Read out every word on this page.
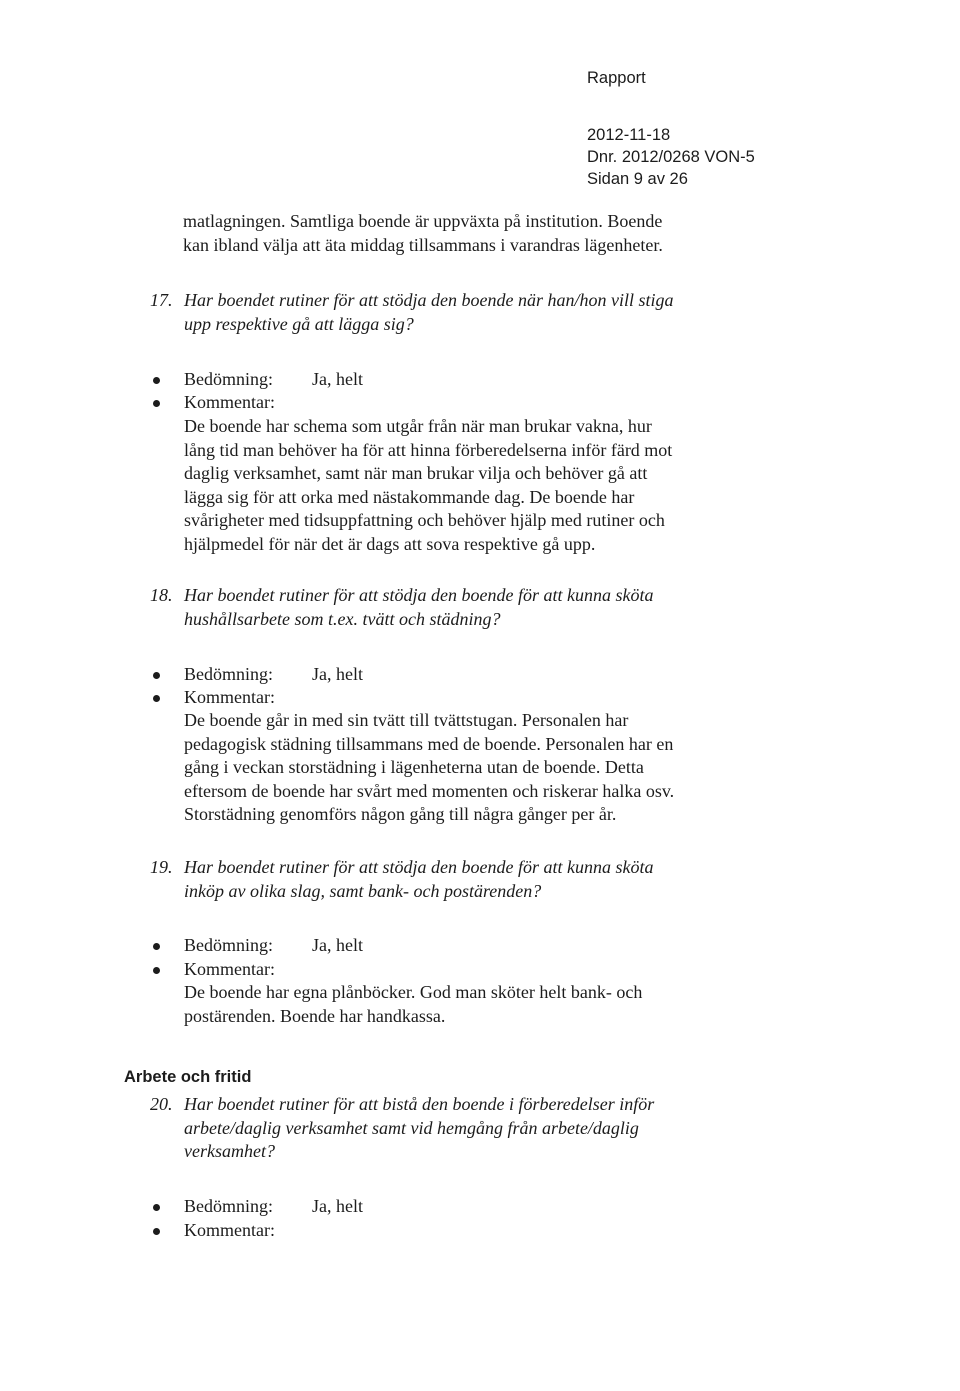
Rapport
2012-11-18
Dnr. 2012/0268 VON-5
Sidan 9 av 26

matlagningen. Samtliga boende är uppväxta på institution. Boende

kan ibland välja att äta middag tillsammans i varandras lägenheter.

17. Har boendet rutiner för att stödja den boende när han/hon vill stiga

upp respektive gå att lägga sig?

Bedömning: Ja, helt
Kommentar:

De boende har schema som utgår från när man brukar vakna, hur

lång tid man behöver ha för att hinna förberedelserna inför färd mot

daglig verksamhet, samt när man brukar vilja och behöver gå att

lägga sig för att orka med nästakommande dag. De boende har

svårigheter med tidsuppfattning och behöver hjälp med rutiner och

hjälpmedel för när det är dags att sova respektive gå upp.

18. Har boendet rutiner för att stödja den boende för att kunna sköta

hushållsarbete som t.ex. tvätt och städning?

Bedömning: Ja, helt
Kommentar:

De boende går in med sin tvätt till tvättstugan. Personalen har

pedagogisk städning tillsammans med de boende. Personalen har en

gång i veckan storstädning i lägenheterna utan de boende. Detta

eftersom de boende har svårt med momenten och riskerar halka osv.

Storstädning genomförs någon gång till några gånger per år.

19. Har boendet rutiner för att stödja den boende för att kunna sköta

inköp av olika slag, samt bank- och postärenden?

Bedömning: Ja, helt
Kommentar:

De boende har egna plånböcker. God man sköter helt bank- och

postärenden. Boende har handkassa.

Arbete och fritid
20. Har boendet rutiner för att bistå den boende i förberedelser inför

arbete/daglig verksamhet samt vid hemgång från arbete/daglig

verksamhet?

Bedömning: Ja, helt
Kommentar:
